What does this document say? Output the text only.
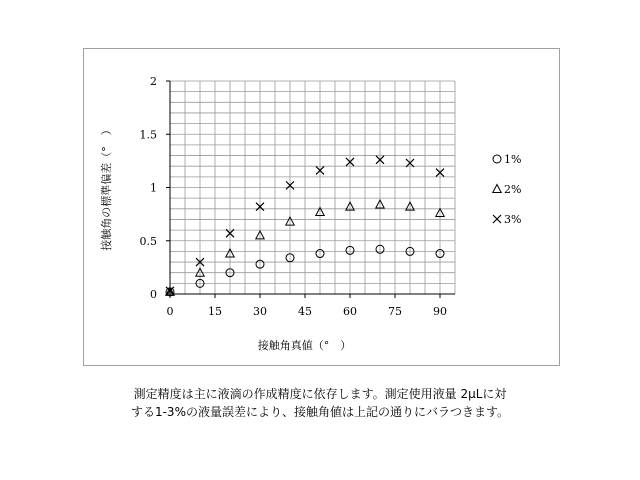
0	15	30	45	60	75	90
0
0.5
1
1.5
2
接触角真値（°　）
接触角の標準偏差（°　）	1%
2%
3%
測定精度は主に液滴の作成精度に依存します。測定使用液量 2μLに対
する1-3%の液量誤差により、接触角値は上記の通りにバラつきます。
